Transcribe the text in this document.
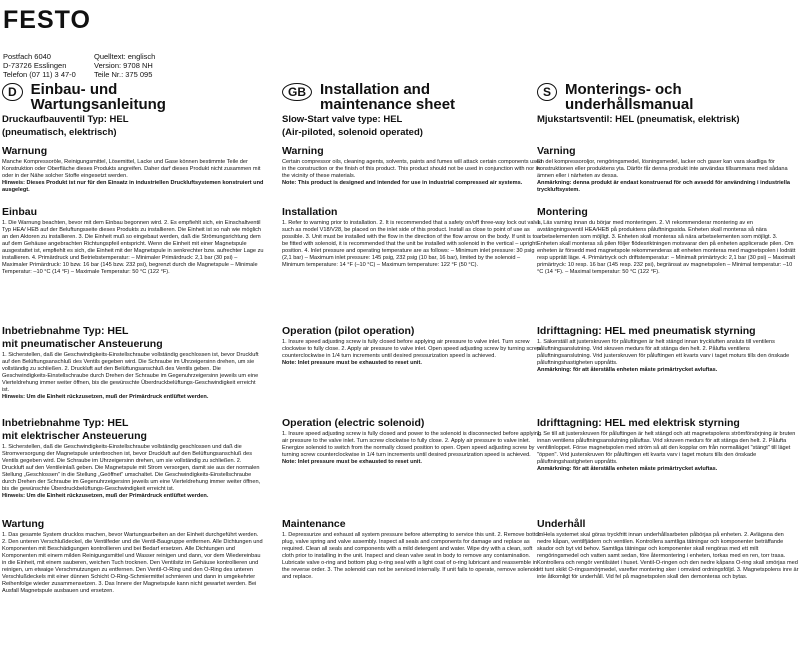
FESTO
Postfach 6040
D-73726 Esslingen
Telefon (07 11) 3 47-0
Quelltext: englisch
Version: 9708 NH
Teile Nr.: 375 095
D Einbau- und
Wartungsanleitung
Druckaufbauventil Typ: HEL
(pneumatisch, elektrisch)
Warnung
Manche Kompressoröle, Reinigungsmittel, Lösemittel, Lacke und Gase können bestimmte Teile der Konstruktion oder Oberfläche dieses Produkts angreifen. Daher darf dieses Produkt nicht zusammen mit oder in der Nähe solcher Stoffe eingesetzt werden.
Hinweis: Dieses Produkt ist nur für den Einsatz in industriellen Druckluftsystemen konstruiert und ausgelegt.
Einbau
1. Die Warnung beachten, bevor mit dem Einbau begonnen wird. 2. Es empfiehlt sich, ein Einschaltventil Typ HEA/ HEB auf der Beluftungsseite dieses Produkts zu installieren. Die Einheit ist so nah wie möglich an den Aktoren zu installieren. 3. Die Einheit muß so eingebaut werden, daß die Strömungsrichtung dem auf dem Gehäuse angebrachten Richtungspfeil entspricht. Wenn die Einheit mit einer Magnetspule ausgestattet ist, empfiehlt es sich, die Einheit mit der Magnetspule in senkrechter bzw. aufrechter Lage zu installieren. 4. Primärdruck und Betriebstemperatur: – Minimaler Primärdruck: 2,1 bar (30 psi) – Maximaler Primärdruck: 10 bzw. 16 bar (145 bzw. 232 psi), begrenzt durch die Magnetspule – Minimale Temperatur: –10 °C (14 °F) – Maximale Temperatur: 50 °C (122 °F).
Inbetriebnahme Typ: HEL
mit pneumatischer Ansteuerung
1. Sicherstellen, daß die Geschwindigkeits-Einstellschraube vollständig geschlossen ist, bevor Druckluft auf den Belüftungsanschluß des Ventils gegeben wird. Die Schraube im Uhrzeigersinn drehen, um sie vollständig zu schließen. 2. Druckluft auf den Belüftungsanschluß des Ventils geben. Die Geschwindigkeits-Einstellschraube durch Drehen der Schraube im Gegenuhrzeigersinn jeweils um eine Vierteldrehung immer weiter öffnen, bis die gewünschte Überdruckbelüftungs-Geschwindigkeit erreicht ist.
Hinweis: Um die Einheit rückzusetzen, muß der Primärdruck entlüftet werden.
Inbetriebnahme Typ: HEL
mit elektrischer Ansteuerung
1. Sicherstellen, daß die Geschwindigkeits-Einstellschraube vollständig geschlossen und daß die Stromversorgung der Magnetspule unterbrochen ist, bevor Druckluft auf den Belüftungsanschluß des Ventils gegeben wird. Die Schraube im Uhrzeigersinn drehen, um sie vollständig zu schließen. 2. Druckluft auf den Ventileinlaß geben. Die Magnetspule mit Strom versorgen, damit sie aus der normalen Stellung „Geschlossen” in die Stellung „Geöffnet” umschaltet. Die Geschwindigkeits-Einstellschraube durch Drehen der Schraube im Gegenuhrzeigersinn jeweils um eine Vierteldrehung immer weiter öffnen, bis die gewünschte Überdruckbelüftungs-Geschwindigkeit erreicht ist.
Hinweis: Um die Einheit rückzusetzen, muß der Primärdruck entlüftet werden.
Wartung
1. Das gesamte System drucklos machen, bevor Wartungsarbeiten an der Einheit durchgeführt werden. 2. Den unteren Verschlußdeckel, die Ventilfeder und die Ventil-Baugruppe entfernen. Alle Dichtungen und Komponenten mit Beschädigungen kontrollieren und bei Bedarf ersetzen. Alle Dichtungen und Komponenten mit einem milden Reinigungsmittel und Wasser reinigen und dann, vor dem Wiedereinbau in die Einheit, mit einem sauberen, weichen Tuch trocknen. Den Ventilsitz im Gehäuse kontrollieren und reinigen, um etwaige Verschmutzungen zu entfernen. Den Ventil-O-Ring und den O-Ring des unteren Verschlußdeckels mit einer dünnen Schicht O-Ring-Schmiermittel schmieren und dann in umgekehrter Reihenfolge wieder zusammensetzen. 3. Das Innere der Magnetspule kann nicht gewartet werden. Bei Ausfall Magnetspule ausbauen und ersetzen.
GB Installation and
maintenance sheet
Slow-Start valve type: HEL
(Air-piloted, solenoid operated)
Warning
Certain compressor oils, cleaning agents, solvents, paints and fumes will attack certain components used in the construction or the finish of this product. This product should not be used in conjunction with nor in the vicinity of these materials.
Note: This product is designed and intended for use in industrial compressed air systems.
Installation
1. Refer to warning prior to installation. 2. It is recommended that a safety on/off three-way lock out valve, such as model V18/V28, be placed on the inlet side of this product. Install as close to point of use as possible. 3. Unit must be installed with the flow in the direction of the flow arrow on the body. If unit is to be fitted with solenoid, it is recommended that the unit be installed with solenoid in the vertical – upright position. 4. Inlet pressure and operating temperature are as follows: – Minimum inlet pressure: 30 psig (2,1 bar) – Maximum inlet pressure: 145 psig, 232 psig (10 bar, 16 bar), limited by the solenoid – Minimum temperature: 14 °F (–10 °C) – Maximum temperature: 122 °F (50 °C).
Operation (pilot operation)
1. Insure speed adjusting screw is fully closed before applying air pressure to valve inlet. Turn screw clockwise to fully close. 2. Apply air pressure to valve inlet. Open speed adjusting screw by turning screw counterclockwise in 1/4 turn increments until desired pressurization speed is achieved.
Note: Inlet pressure must be exhausted to reset unit.
Operation (electric solenoid)
1. Insure speed adjusting screw is fully closed and power to the solenoid is disconnected before applying air pressure to the valve inlet. Turn screw clockwise to fully close. 2. Apply air pressure to valve inlet. Energize solenoid to switch from the normally closed position to open. Open speed adjusting screw by turning screw counterclockwise in 1/4 turn increments until desired pressurization speed is achieved.
Note: Inlet pressure must be exhausted to reset unit.
Maintenance
1. Depressurize and exhaust all system pressure before attempting to service this unit. 2. Remove bottom plug, valve spring and valve assembly. Inspect all seals and components for damage and replace as required. Clean all seals and components with a mild detergent and water. Wipe dry with a clean, soft cloth prior to installing in the unit. Inspect and clean valve seat in body to remove any contamination. Lubricate valve o-ring and bottom plug o-ring seal with a light coat of o-ring lubricant and reassemble in the reverse order. 3. The solenoid can not be serviced internally. If unit fails to operate, remove solenoid and replace.
S Monterings- och
underhållsmanual
Mjukstartsventil: HEL (pneumatisk, elektrisk)
Varning
En del kompressoroljor, rengöringsmedel, lösningsmedel, lacker och gaser kan vara skadliga för konstruktionen eller produktens yta. Därför får denna produkt inte användas tillsammans med sådana ämnen eller i närheten av dessa.
Anmärkning: denna produkt är endast konstruerad för och avsedd för användning i industriella tryckluftsystem.
Montering
1. Läs varning innan du börjar med monteringen. 2. Vi rekommenderar montering av en avstängningsventil HEA/HEB på produktens påluftningssida. Enheten skall monteras så nära arbetselementen som möjligt. 3. Enheten skall monteras så nära arbetselementen som möjligt. 3. Enheten skall monteras så pilen följer flödesriktningen motsvarar den på enheten applicerade pilen. Om enheten är försedd med magnetspole rekommenderas att enheten monteras med magnetspolen i lodrätt resp upprätt läge. 4. Primärtryck och driftstemperatur: – Minimalt primärtryck: 2,1 bar (30 psi) – Maximalt primärtryck: 10 resp. 16 bar (145 resp. 232 psi), begränsat av magnetspolen – Minimal temperatur: –10 °C (14 °F). – Maximal temperatur: 50 °C (122 °F).
Idrifttagning: HEL med pneumatisk styrning
1. Säkerställ att justerskruven för påluftingen är helt stängd innan tryckluften ansluts till ventilens påluftningsanslutning. Vrid skruven medurs för att stänga den helt. 2. Påluftа ventilens påluftningsanslutning. Vrid justerskruven för påluftingen ett kvarts varv i taget moturs tills den önskade påluftningshastigheten uppnåtts.
Anmärkning: för att återställa enheten måste primärtrycket avluftas.
Idrifttagning: HEL med elektrisk styrning
1. Se till att justerskruven för påluftingen är helt stängd och att magnetspolens strömförsörjning är bruten innan ventilens påluftningsanslutning påluftas. Vrid skruven medurs för att stänga den helt. 2. Påluftа ventilinloppet. Förse magnetspolen med ström så att den kopplar om från normalläget "stängt" till läget "öppen". Vrid justerskruven för påluftingen ett kvarts varv i taget moturs tills den önskade påluftningshastigheten uppnåtts.
Anmärkning: för att återställa enheten måste primärtrycket avluftas.
Underhåll
1. Hela systemet skal göras tryckfritt innan underhållsarbeten påbörjas på enheten. 2. Avlägsna den nedre kåpan, ventilfjädern och ventilen. Kontrollera samtliga tätningar och komponenter beträffande skador och byt vid behov. Samtliga tätningar och komponenter skall rengöras med ett milt rengöringsmedel och vatten samt sedan, före återmontering i enheten, torkas med en ren, torr trasa. Kontrollera och rengör ventilsätet i huset. Ventil-O-ringen och den nedre kåpans O-ring skall smörjas med ett tunt skikt O-ringssmörjmedel, varefter montering sker i omvänd ordningsföljd. 3. Magnetspolens inre är inte åtkomligt för underhåll. Vid fel på magnetspolen skall den demonteras och bytas.
